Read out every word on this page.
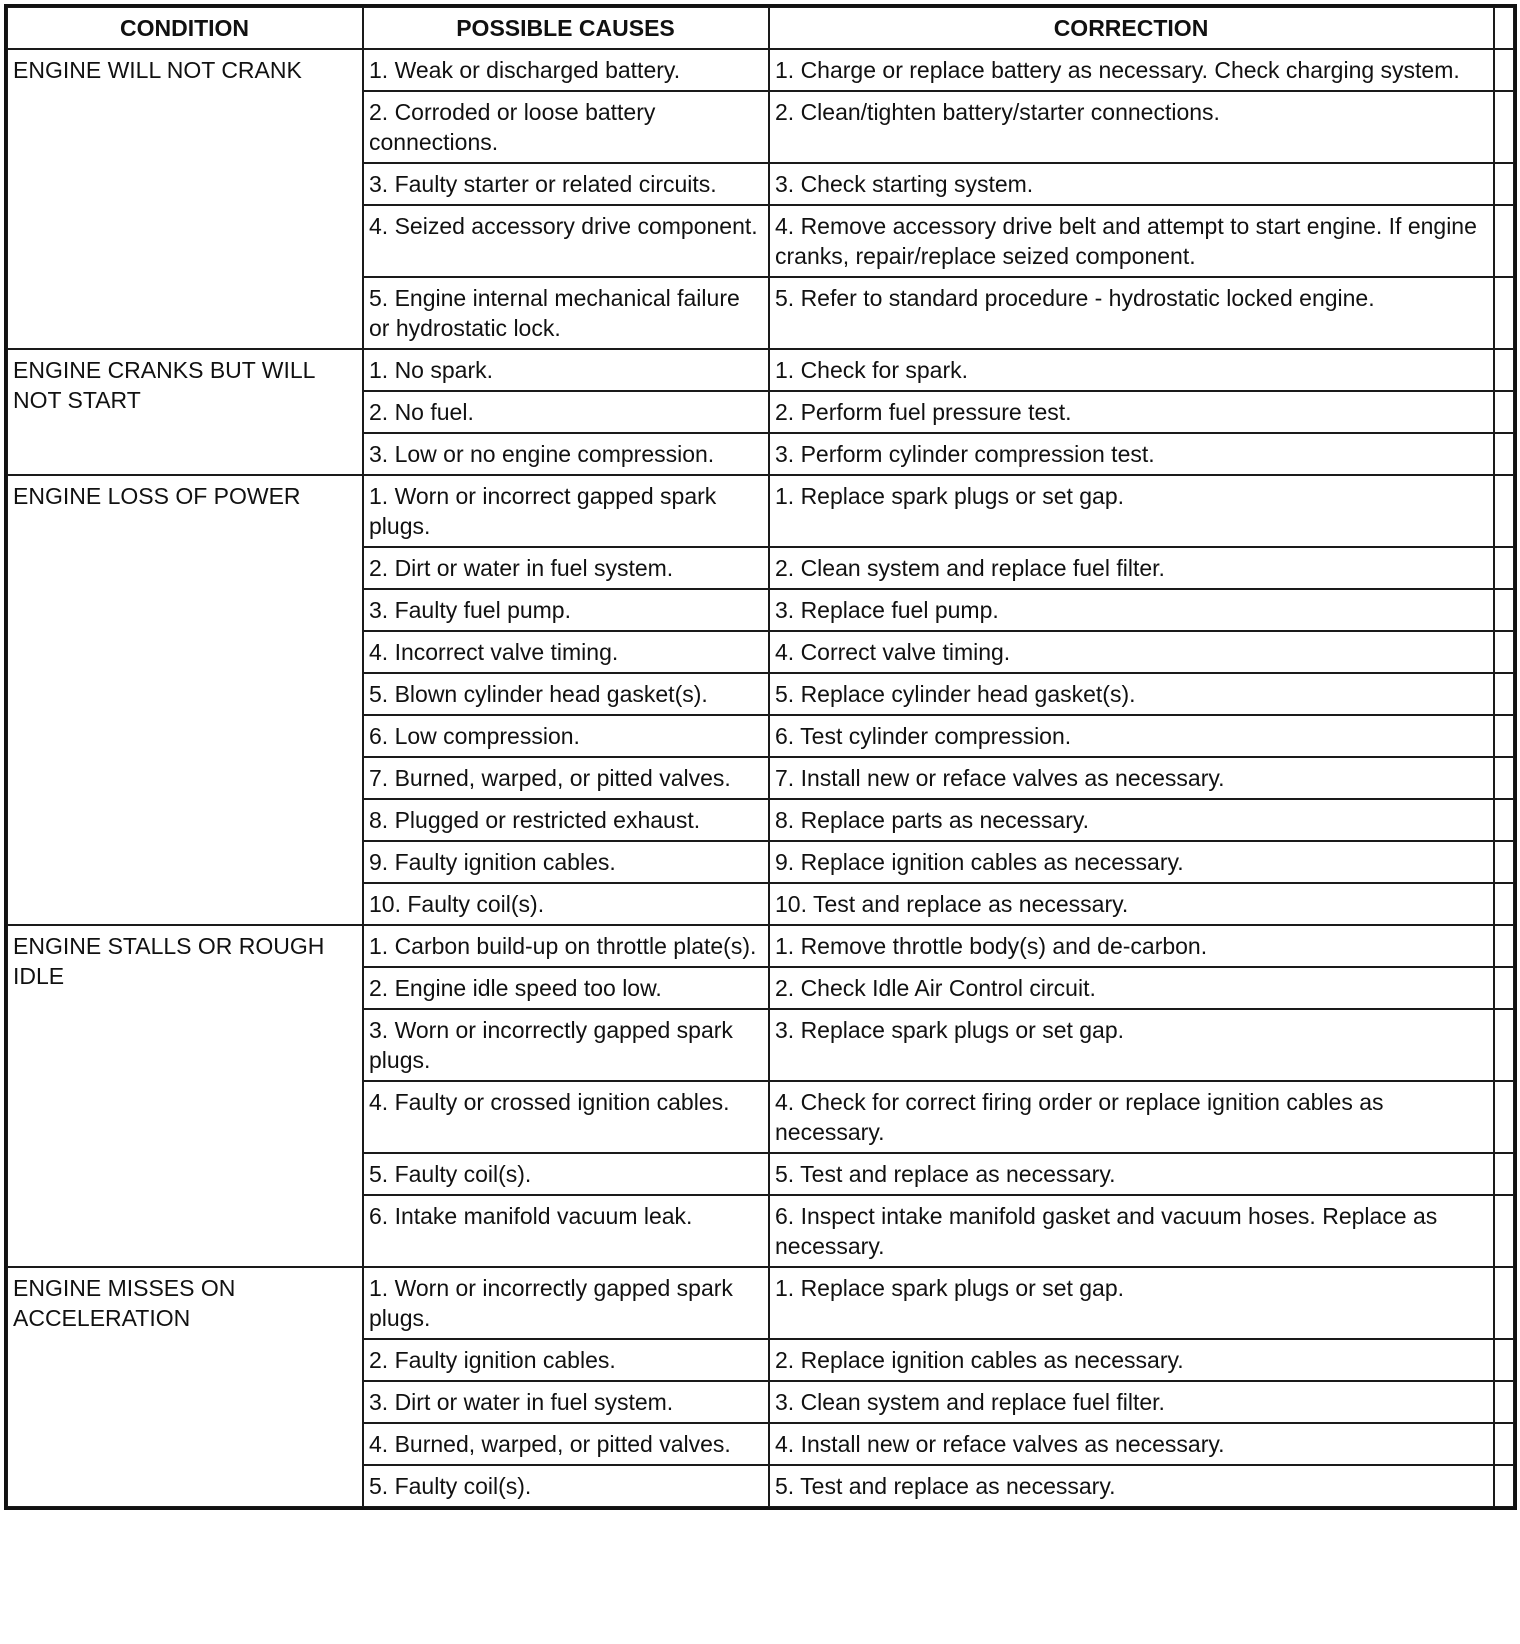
CONDITION	POSSIBLE CAUSES	CORRECTION	
ENGINE WILL NOT CRANK	1. Weak or discharged battery.	1. Charge or replace battery as necessary. Check charging system.	
	2. Corroded or loose battery connections.	2. Clean/tighten battery/starter connections.	
	3. Faulty starter or related circuits.	3. Check starting system.	
	4. Seized accessory drive component.	4. Remove accessory drive belt and attempt to start engine. If engine cranks, repair/replace seized component.	
	5. Engine internal mechanical failure or hydrostatic lock.	5. Refer to standard procedure - hydrostatic locked engine.	
ENGINE CRANKS BUT WILL NOT START	1. No spark.	1. Check for spark.	
	2. No fuel.	2. Perform fuel pressure test.	
	3. Low or no engine compression.	3. Perform cylinder compression test.	
ENGINE LOSS OF POWER	1. Worn or incorrect gapped spark plugs.	1. Replace spark plugs or set gap.	
	2. Dirt or water in fuel system.	2. Clean system and replace fuel filter.	
	3. Faulty fuel pump.	3. Replace fuel pump.	
	4. Incorrect valve timing.	4. Correct valve timing.	
	5. Blown cylinder head gasket(s).	5. Replace cylinder head gasket(s).	
	6. Low compression.	6. Test cylinder compression.	
	7. Burned, warped, or pitted valves.	7. Install new or reface valves as necessary.	
	8. Plugged or restricted exhaust.	8. Replace parts as necessary.	
	9. Faulty ignition cables.	9. Replace ignition cables as necessary.	
	10. Faulty coil(s).	10. Test and replace as necessary.	
ENGINE STALLS OR ROUGH IDLE	1. Carbon build-up on throttle plate(s).	1. Remove throttle body(s) and de-carbon.	
	2. Engine idle speed too low.	2. Check Idle Air Control circuit.	
	3. Worn or incorrectly gapped spark plugs.	3. Replace spark plugs or set gap.	
	4. Faulty or crossed ignition cables.	4. Check for correct firing order or replace ignition cables as necessary.	
	5. Faulty coil(s).	5. Test and replace as necessary.	
	6. Intake manifold vacuum leak.	6. Inspect intake manifold gasket and vacuum hoses. Replace as necessary.	
ENGINE MISSES ON ACCELERATION	1. Worn or incorrectly gapped spark plugs.	1. Replace spark plugs or set gap.	
	2. Faulty ignition cables.	2. Replace ignition cables as necessary.	
	3. Dirt or water in fuel system.	3. Clean system and replace fuel filter.	
	4. Burned, warped, or pitted valves.	4. Install new or reface valves as necessary.	
	5. Faulty coil(s).	5. Test and replace as necessary.	
